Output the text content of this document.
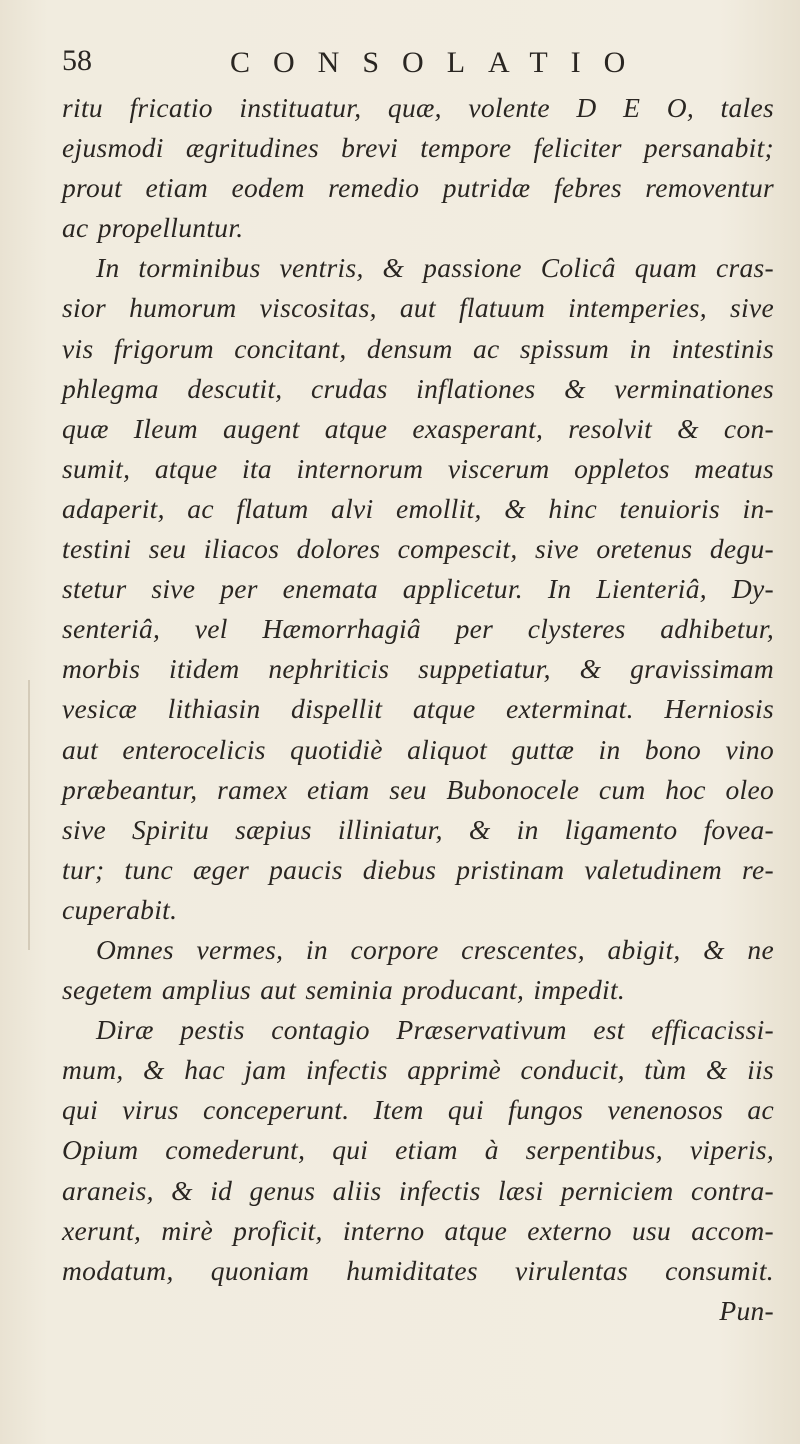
58	CONSOLATIO
ritu fricatio instituatur, quæ, volente D E O, tales
ejusmodi ægritudines brevi tempore feliciter persanabit;
prout etiam eodem remedio putridæ febres removentur
ac propelluntur.
In torminibus ventris, & passione Colicâ quam cras-
sior humorum viscositas, aut flatuum intemperies, sive
vis frigorum concitant, densum ac spissum in intestinis
phlegma descutit, crudas inflationes & verminationes
quæ Ileum augent atque exasperant, resolvit & con-
sumit, atque ita internorum viscerum oppletos meatus
adaperit, ac flatum alvi emollit, & hinc tenuioris in-
testini seu iliacos dolores compescit, sive oretenus degu-
stetur sive per enemata applicetur. In Lienteriâ, Dy-
senteriâ, vel Hæmorrhagiâ per clysteres adhibetur,
morbis itidem nephriticis suppetiatur, & gravissimam
vesicæ lithiasin dispellit atque exterminat. Herniosis
aut enterocelicis quotidiè aliquot guttæ in bono vino
præbeantur, ramex etiam seu Bubonocele cum hoc oleo
sive Spiritu sæpius illiniatur, & in ligamento fovea-
tur; tunc æger paucis diebus pristinam valetudinem re-
cuperabit.
Omnes vermes, in corpore crescentes, abigit, & ne
segetem amplius aut seminia producant, impedit.
Diræ pestis contagio Præservativum est efficacissi-
mum, & hac jam infectis apprimè conducit, tùm & iis
qui virus conceperunt. Item qui fungos venenosos ac
Opium comederunt, qui etiam à serpentibus, viperis,
araneis, & id genus aliis infectis læsi perniciem contra-
xerunt, mirè proficit, interno atque externo usu accom-
modatum, quoniam humiditates virulentas consumit.
Pun-
